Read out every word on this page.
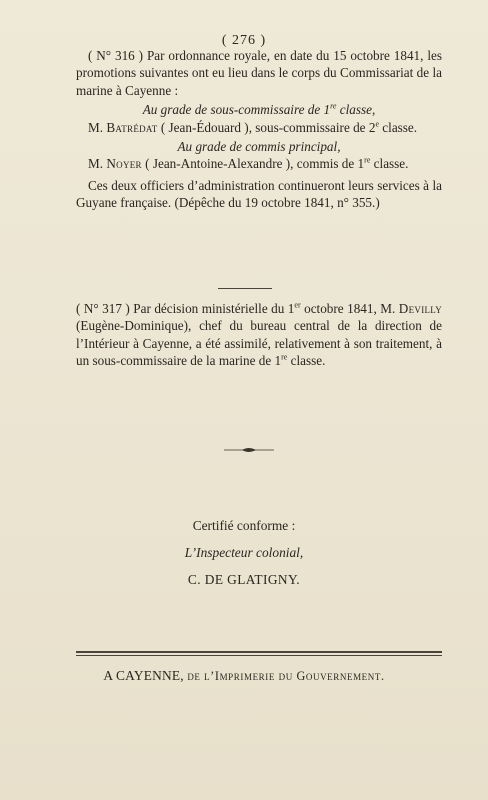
( 276 )

( N° 316 ) Par ordonnance royale, en date du 15 octobre 1841, les promotions suivantes ont eu lieu dans le corps du Commissariat de la marine à Cayenne :

Au grade de sous-commissaire de 1re classe,

M. Batrédat ( Jean-Édouard ), sous-commissaire de 2e classe.

Au grade de commis principal,

M. Noyer ( Jean-Antoine-Alexandre ), commis de 1re classe.

Ces deux officiers d’administration continueront leurs services à la Guyane française. (Dépêche du 19 octobre 1841, n° 355.)

( N° 317 ) Par décision ministérielle du 1er octobre 1841, M. Devilly (Eugène-Dominique), chef du bureau central de la direction de l’Intérieur à Cayenne, a été assimilé, relativement à son traitement, à un sous-commissaire de la marine de 1re classe.

Certifié conforme :
L’Inspecteur colonial,
C. DE GLATIGNY.
A CAYENNE, de l’Imprimerie du Gouvernement.
